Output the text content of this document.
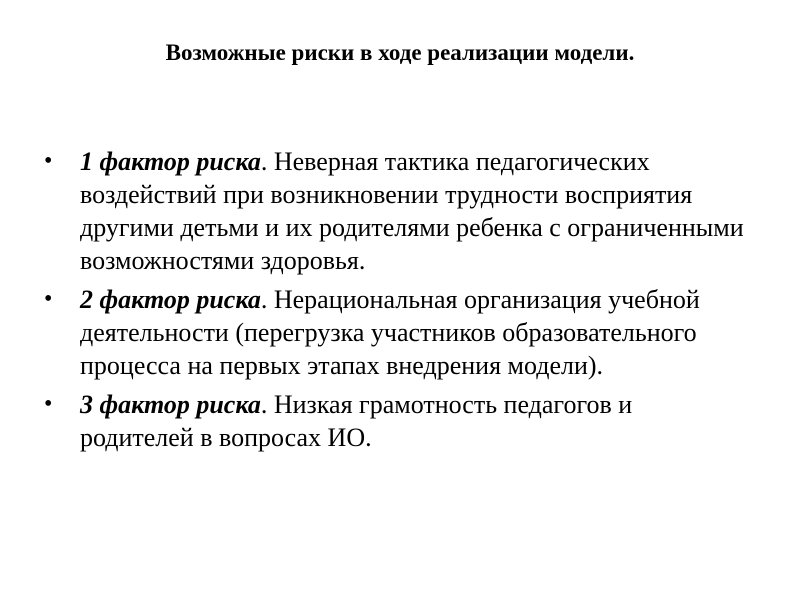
Возможные риски в ходе реализации модели.
• 1 фактор риска. Неверная тактика педагогических воздействий при возникновении трудности восприятия другими детьми и их родителями ребенка с ограниченными возможностями здоровья.
• 2 фактор риска. Нерациональная организация учебной деятельности (перегрузка участников образовательного процесса на первых этапах внедрения модели).
• 3 фактор риска. Низкая грамотность педагогов и родителей в вопросах ИО.
